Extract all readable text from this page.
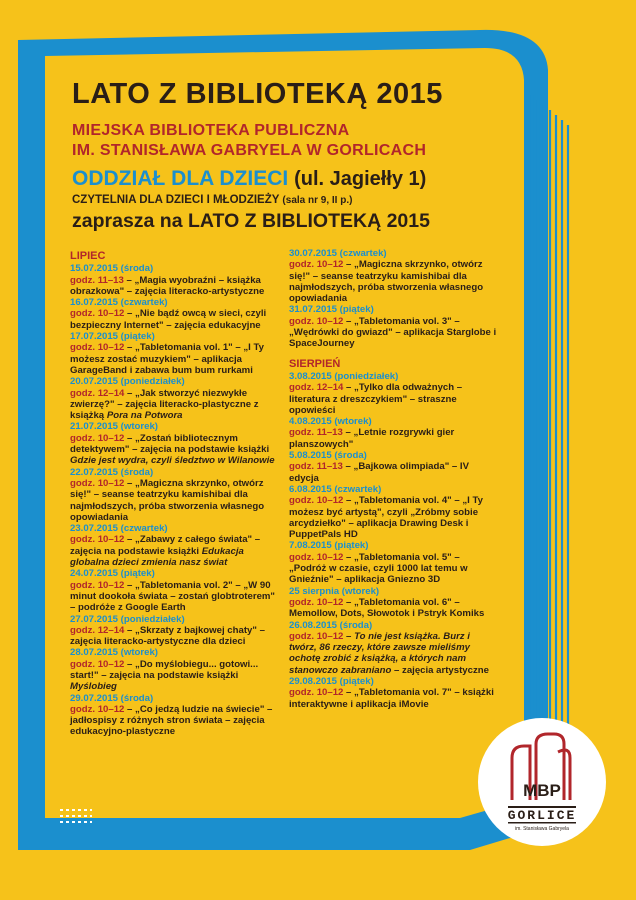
LATO Z BIBLIOTEKĄ 2015
MIEJSKA BIBLIOTEKA PUBLICZNA
IM. STANISŁAWA GABRYELA W GORLICACH
ODDZIAŁ DLA DZIECI (ul. Jagiełły 1)
CZYTELNIA DLA DZIECI I MŁODZIEŻY (sala nr 9, II p.)
zaprasza na LATO Z BIBLIOTEKĄ 2015
LIPIEC
15.07.2015 (środa)
godz. 11–13 – „Magia wyobraźni – książka obrazkowa" – zajęcia literacko-artystyczne
16.07.2015 (czwartek)
godz. 10–12 – „Nie bądź owcą w sieci, czyli bezpieczny Internet" – zajęcia edukacyjne
17.07.2015 (piątek)
godz. 10–12 – „Tabletomania vol. 1" – „I Ty możesz zostać muzykiem" – aplikacja GarageBand i zabawa bum bum rurkami
20.07.2015 (poniedziałek)
godz. 12–14 – „Jak stworzyć niezwykłe zwierzę?" – zajęcia literacko-plastyczne z książką Pora na Potwora
21.07.2015 (wtorek)
godz. 10–12 – „Zostań bibliotecznym detektywem" – zajęcia na podstawie książki Gdzie jest wydra, czyli śledztwo w Wilanowie
22.07.2015 (środa)
godz. 10–12 – „Magiczna skrzynko, otwórz się!" – seanse teatrzyku kamishibai dla najmłodszych, próba stworzenia własnego opowiadania
23.07.2015 (czwartek)
godz. 10–12 – „Zabawy z całego świata" – zajęcia na podstawie książki Edukacja globalna dzieci zmienia nasz świat
24.07.2015 (piątek)
godz. 10–12 – „Tabletomania vol. 2" – „W 90 minut dookoła świata – zostań globtroterem" – podróże z Google Earth
27.07.2015 (poniedziałek)
godz. 12–14 – „Skrzaty z bajkowej chaty" – zajęcia literacko-artystyczne dla dzieci
28.07.2015 (wtorek)
godz. 10–12 – „Do myślobiegu... gotowi... start!" – zajęcia na podstawie książki Myślobieg
29.07.2015 (środa)
godz. 10–12 – „Co jedzą ludzie na świecie" – jadłospisy z różnych stron świata – zajęcia edukacyjno-plastyczne
30.07.2015 (czwartek)
godz. 10–12 – „Magiczna skrzynko, otwórz się!" – seanse teatrzyku kamishibai dla najmłodszych, próba stworzenia własnego opowiadania
31.07.2015 (piątek)
godz. 10–12 – „Tabletomania vol. 3" – „Wędrówki do gwiazd" – aplikacja Starglobe i SpaceJourney
SIERPIEŃ
3.08.2015 (poniedziałek)
godz. 12–14 – „Tylko dla odważnych – literatura z dreszczykiem" – straszne opowieści
4.08.2015 (wtorek)
godz. 11–13 – „Letnie rozgrywki gier planszowych"
5.08.2015 (środa)
godz. 11–13 – „Bajkowa olimpiada" – IV edycja
6.08.2015 (czwartek)
godz. 10–12 – „Tabletomania vol. 4" – „I Ty możesz być artystą", czyli „Zróbmy sobie arcydziełko" – aplikacja Drawing Desk i PuppetPals HD
7.08.2015 (piątek)
godz. 10–12 – „Tabletomania vol. 5" – „Podróż w czasie, czyli 1000 lat temu w Gnieźnie" – aplikacja Gniezno 3D
25 sierpnia (wtorek)
godz. 10–12 – „Tabletomania vol. 6" – Memollow, Dots, Słowotok i Pstryk Komiks
26.08.2015 (środa)
godz. 10–12 – To nie jest książka. Burz i twórz, 86 rzeczy, które zawsze mieliśmy ochotę zrobić z książką, a których nam stanowczo zabraniano – zajęcia artystyczne
29.08.2015 (piątek)
godz. 10–12 – „Tabletomania vol. 7" – książki interaktywne i aplikacja iMovie
MBP
GORLICE
im. Stanisława Gabryela
